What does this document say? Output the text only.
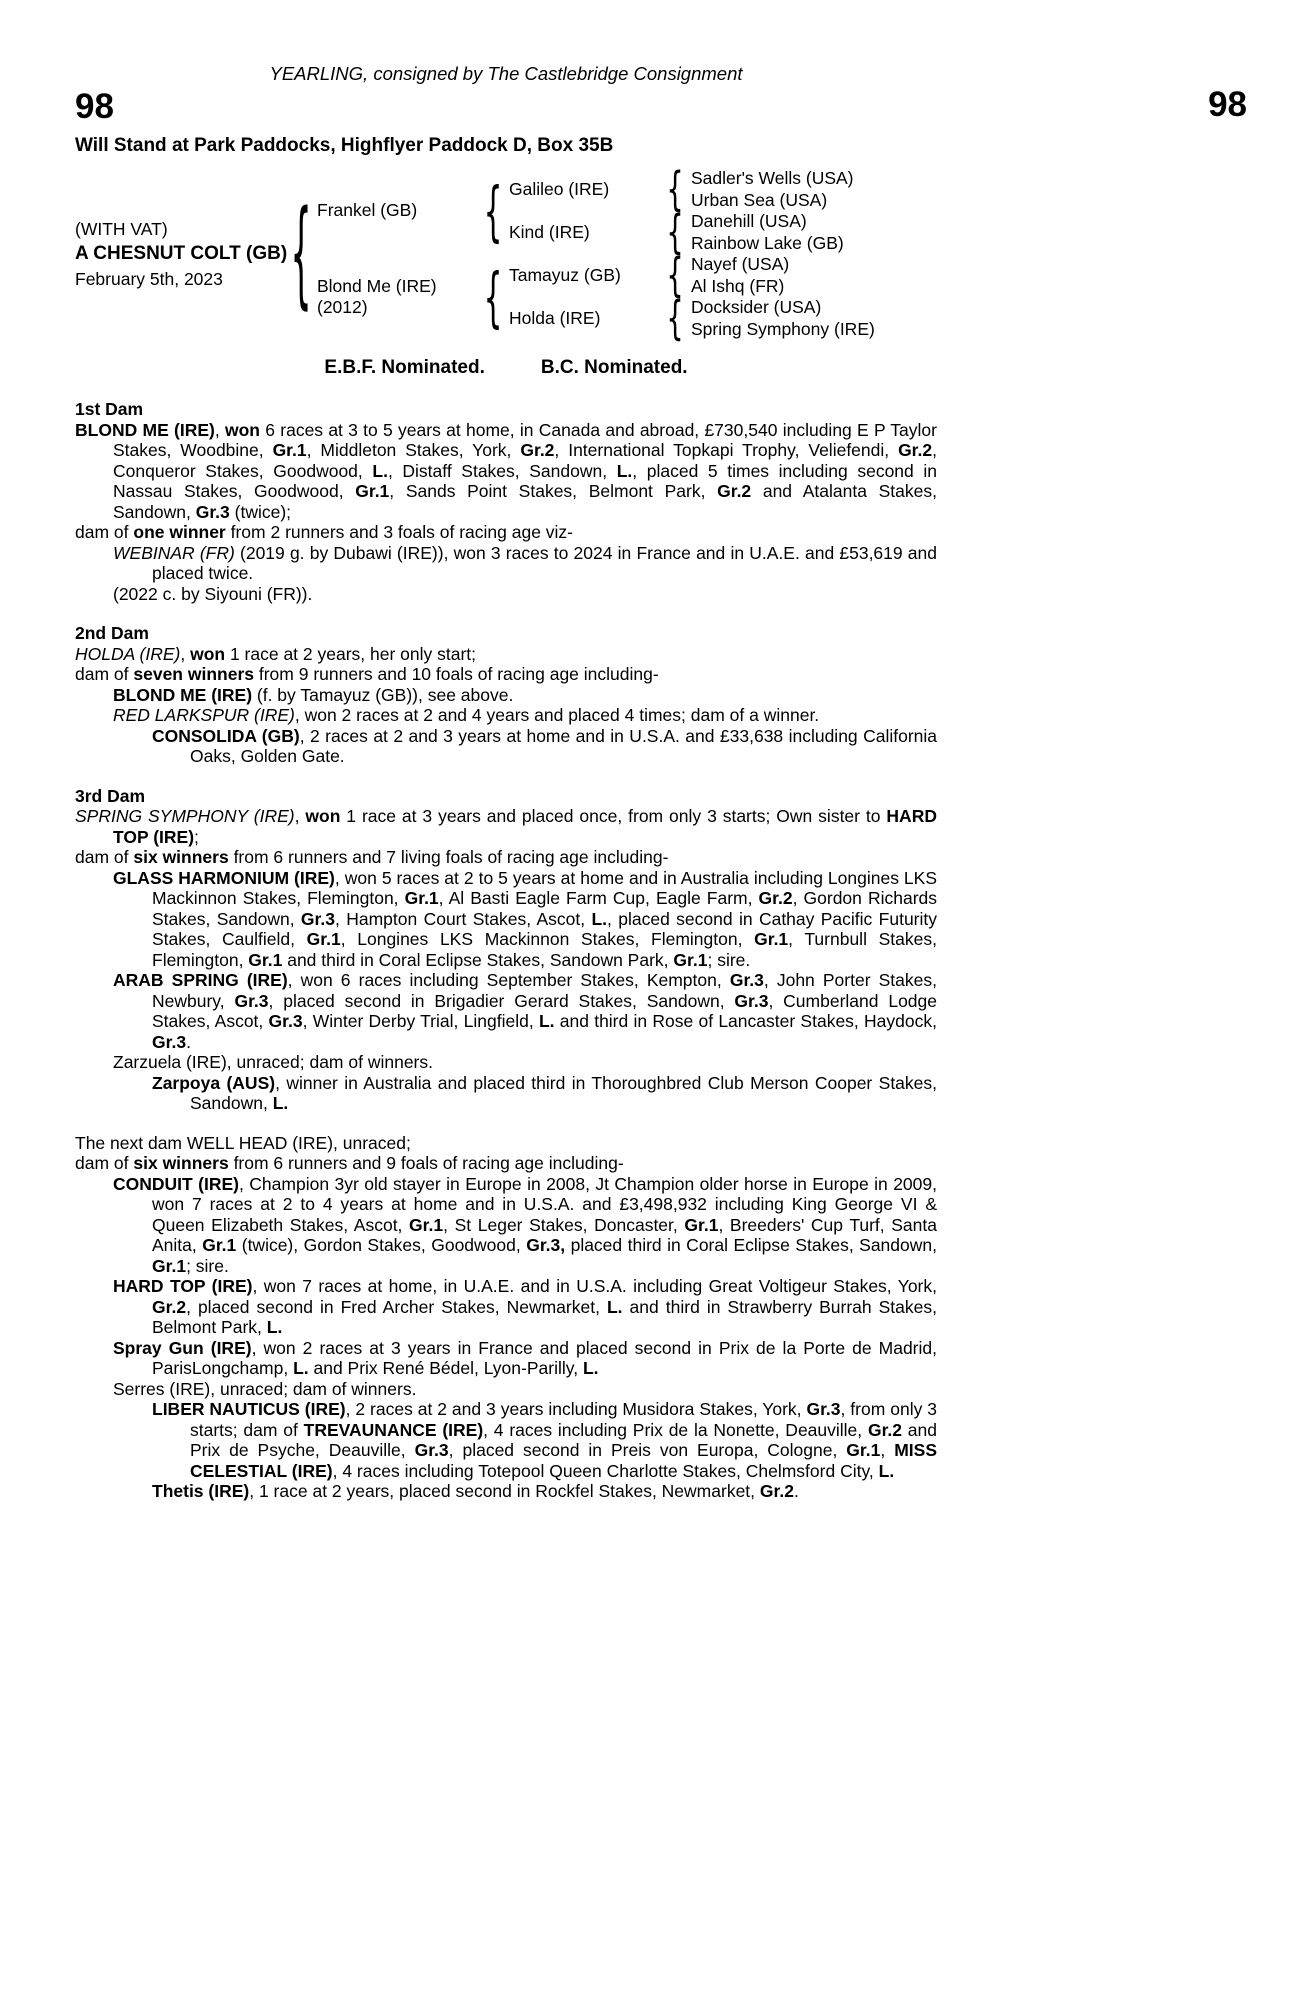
98
YEARLING, consigned by The Castlebridge Consignment
98
Will Stand at Park Paddocks, Highflyer Paddock D, Box 35B
(WITH VAT)
A CHESNUT COLT (GB)
February 5th, 2023	{ Frankel (GB)	{ Galileo (IRE)	{ Sadler's Wells (USA)
Urban Sea (USA)
Kind (IRE)	{ Danehill (USA)
Rainbow Lake (GB)
Blond Me (IRE)
(2012)	{ Tamayuz (GB)	{ Nayef (USA)
Al Ishq (FR)
Holda (IRE)	{ Docksider (USA)
Spring Symphony (IRE)
E.B.F. Nominated.	B.C. Nominated.
1st Dam
BLOND ME (IRE), won 6 races at 3 to 5 years at home, in Canada and abroad, £730,540 including E P Taylor Stakes, Woodbine, Gr.1, Middleton Stakes, York, Gr.2, International Topkapi Trophy, Veliefendi, Gr.2, Conqueror Stakes, Goodwood, L., Distaff Stakes, Sandown, L., placed 5 times including second in Nassau Stakes, Goodwood, Gr.1, Sands Point Stakes, Belmont Park, Gr.2 and Atalanta Stakes, Sandown, Gr.3 (twice);
dam of one winner from 2 runners and 3 foals of racing age viz-
WEBINAR (FR) (2019 g. by Dubawi (IRE)), won 3 races to 2024 in France and in U.A.E. and £53,619 and placed twice.
(2022 c. by Siyouni (FR)).
2nd Dam
HOLDA (IRE), won 1 race at 2 years, her only start;
dam of seven winners from 9 runners and 10 foals of racing age including-
BLOND ME (IRE) (f. by Tamayuz (GB)), see above.
RED LARKSPUR (IRE), won 2 races at 2 and 4 years and placed 4 times; dam of a winner.
CONSOLIDA (GB), 2 races at 2 and 3 years at home and in U.S.A. and £33,638 including California Oaks, Golden Gate.
3rd Dam
SPRING SYMPHONY (IRE), won 1 race at 3 years and placed once, from only 3 starts; Own sister to HARD TOP (IRE);
dam of six winners from 6 runners and 7 living foals of racing age including-
GLASS HARMONIUM (IRE), won 5 races at 2 to 5 years at home and in Australia including Longines LKS Mackinnon Stakes, Flemington, Gr.1, Al Basti Eagle Farm Cup, Eagle Farm, Gr.2, Gordon Richards Stakes, Sandown, Gr.3, Hampton Court Stakes, Ascot, L., placed second in Cathay Pacific Futurity Stakes, Caulfield, Gr.1, Longines LKS Mackinnon Stakes, Flemington, Gr.1, Turnbull Stakes, Flemington, Gr.1 and third in Coral Eclipse Stakes, Sandown Park, Gr.1; sire.
ARAB SPRING (IRE), won 6 races including September Stakes, Kempton, Gr.3, John Porter Stakes, Newbury, Gr.3, placed second in Brigadier Gerard Stakes, Sandown, Gr.3, Cumberland Lodge Stakes, Ascot, Gr.3, Winter Derby Trial, Lingfield, L. and third in Rose of Lancaster Stakes, Haydock, Gr.3.
Zarzuela (IRE), unraced; dam of winners.
Zarpoya (AUS), winner in Australia and placed third in Thoroughbred Club Merson Cooper Stakes, Sandown, L.
The next dam WELL HEAD (IRE), unraced;
dam of six winners from 6 runners and 9 foals of racing age including-
CONDUIT (IRE), Champion 3yr old stayer in Europe in 2008, Jt Champion older horse in Europe in 2009, won 7 races at 2 to 4 years at home and in U.S.A. and £3,498,932 including King George VI & Queen Elizabeth Stakes, Ascot, Gr.1, St Leger Stakes, Doncaster, Gr.1, Breeders' Cup Turf, Santa Anita, Gr.1 (twice), Gordon Stakes, Goodwood, Gr.3, placed third in Coral Eclipse Stakes, Sandown, Gr.1; sire.
HARD TOP (IRE), won 7 races at home, in U.A.E. and in U.S.A. including Great Voltigeur Stakes, York, Gr.2, placed second in Fred Archer Stakes, Newmarket, L. and third in Strawberry Burrah Stakes, Belmont Park, L.
Spray Gun (IRE), won 2 races at 3 years in France and placed second in Prix de la Porte de Madrid, ParisLongchamp, L. and Prix René Bédel, Lyon-Parilly, L.
Serres (IRE), unraced; dam of winners.
LIBER NAUTICUS (IRE), 2 races at 2 and 3 years including Musidora Stakes, York, Gr.3, from only 3 starts; dam of TREVAUNANCE (IRE), 4 races including Prix de la Nonette, Deauville, Gr.2 and Prix de Psyche, Deauville, Gr.3, placed second in Preis von Europa, Cologne, Gr.1, MISS CELESTIAL (IRE), 4 races including Totepool Queen Charlotte Stakes, Chelmsford City, L.
Thetis (IRE), 1 race at 2 years, placed second in Rockfel Stakes, Newmarket, Gr.2.
